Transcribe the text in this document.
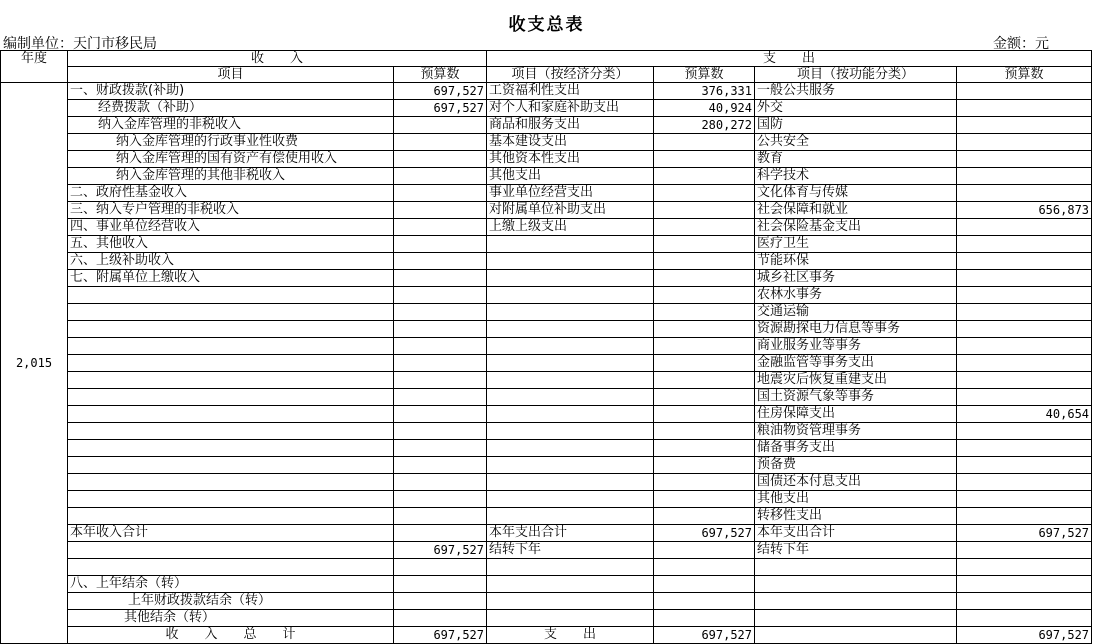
收支总表
编制单位：天门市移民局	金额：元
年度	收　　入		支　　出			
	项目	预算数	项目（按经济分类）	预算数	项目（按功能分类）	预算数
2,015	一、财政拨款(补助)	697,527	工资福利性支出	376,331	一般公共服务	
	经费拨款（补助）	697,527	对个人和家庭补助支出	40,924	外交	
	纳入金库管理的非税收入		商品和服务支出	280,272	国防	
	纳入金库管理的行政事业性收费		基本建设支出		公共安全	
	纳入金库管理的国有资产有偿使用收入		其他资本性支出		教育	
	纳入金库管理的其他非税收入		其他支出		科学技术	
	二、政府性基金收入		事业单位经营支出		文化体育与传媒	
	三、纳入专户管理的非税收入		对附属单位补助支出		社会保障和就业	656,873
	四、事业单位经营收入		上缴上级支出		社会保险基金支出	
	五、其他收入				医疗卫生	
	六、上级补助收入				节能环保	
	七、附属单位上缴收入				城乡社区事务	
					农林水事务	
					交通运输	
					资源勘探电力信息等事务	
					商业服务业等事务	
					金融监管等事务支出	
					地震灾后恢复重建支出	
					国土资源气象等事务	
					住房保障支出	40,654
					粮油物资管理事务	
					储备事务支出	
					预备费	
					国债还本付息支出	
					其他支出	
					转移性支出	
	本年收入合计		本年支出合计	697,527	本年支出合计	697,527
		697,527	结转下年		结转下年	

	八、上年结余（转）					
	上年财政拨款结余（转）					
	其他结余（转）					
	收　　入　　总　　计	697,527	支　　出	697,527		697,527
